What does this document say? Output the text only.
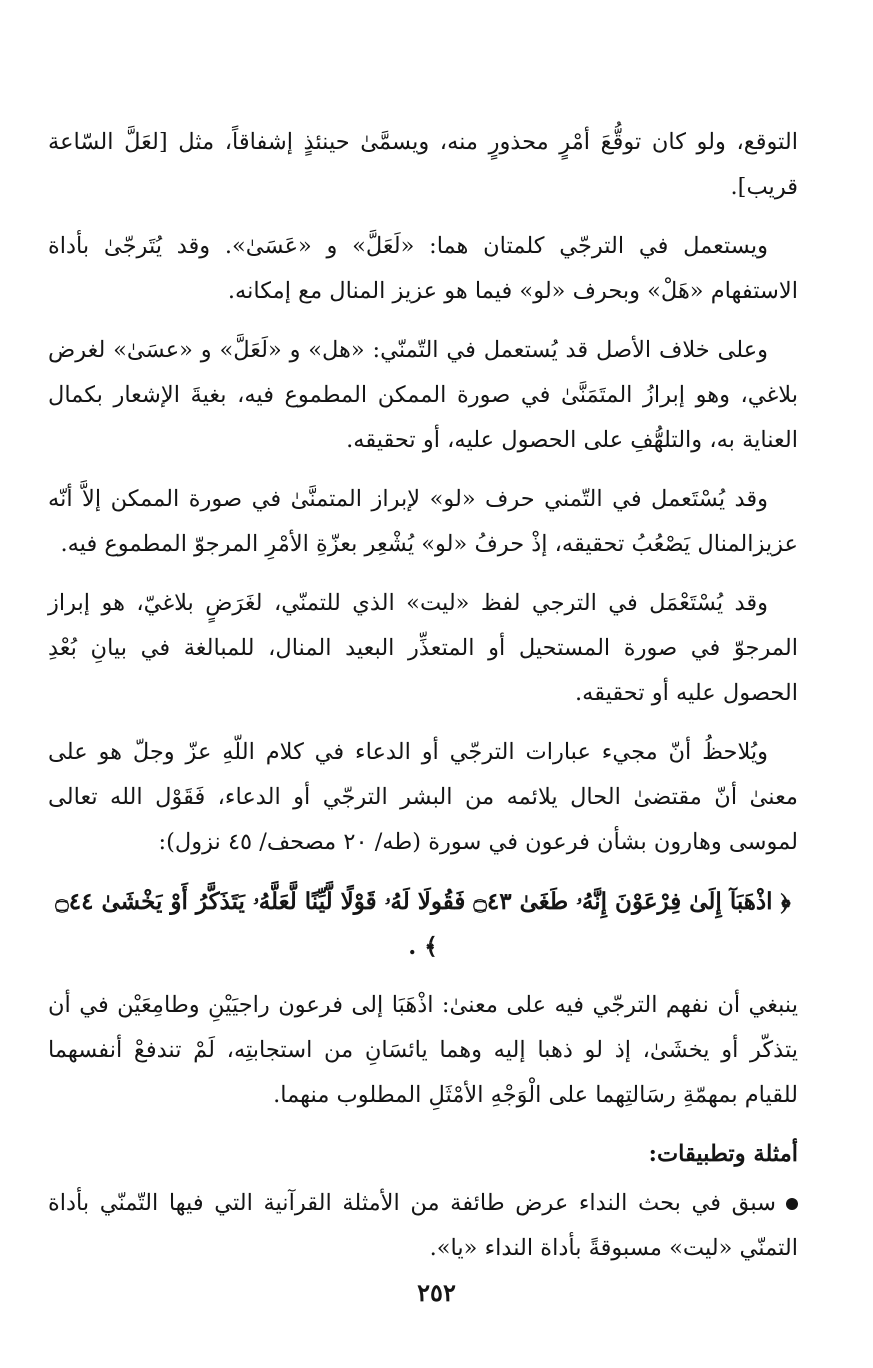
التوقع، ولو كان توقُّعَ أمْرٍ محذورٍ منه، ويسمَّىٰ حينئذٍ إشفاقاً، مثل [لعَلَّ السّاعة قريب].

ويستعمل في الترجّي كلمتان هما: «لَعَلَّ» و «عَسَىٰ». وقد يُتَرجّىٰ بأداة الاستفهام «هَلْ» وبحرف «لو» فيما هو عزيز المنال مع إمكانه.

وعلى خلاف الأصل قد يُستعمل في التّمنّي: «هل» و «لَعَلَّ» و «عسَىٰ» لغرض بلاغي، وهو إبرازُ المتَمَنَّىٰ في صورة الممكن المطموع فيه، بغيةَ الإشعار بكمال العناية به، والتلهُّفِ على الحصول عليه، أو تحقيقه.

وقد يُسْتَعمل في التّمني حرف «لو» لإبراز المتمنَّىٰ في صورة الممكن إلاَّ أنّه عزيزالمنال يَصْعُبُ تحقيقه، إذْ حرفُ «لو» يُشْعِر بعزّةِ الأمْرِ المرجوّ المطموع فيه.

وقد يُسْتَعْمَل في الترجي لفظ «ليت» الذي للتمنّي، لغَرَضٍ بلاغيّ، هو إبراز المرجوّ في صورة المستحيل أو المتعذِّر البعيد المنال، للمبالغة في بيانِ بُعْدِ الحصول عليه أو تحقيقه.

ويُلاحظُ أنّ مجيء عبارات الترجّي أو الدعاء في كلام اللّهِ عزّ وجلّ هو على معنىٰ أنّ مقتضىٰ الحال يلائمه من البشر الترجّي أو الدعاء، فَقَوْل الله تعالى لموسى وهارون بشأن فرعون في سورة (طه/ ٢٠ مصحف/ ٤٥ نزول):

﴿ اذْهَبَآ إِلَىٰ فِرْعَوْنَ إِنَّهُۥ طَغَىٰ ۝٤٣ فَقُولَا لَهُۥ قَوْلًا لَّيِّنًا لَّعَلَّهُۥ يَتَذَكَّرُ أَوْ يَخْشَىٰ ۝٤٤ ﴾ .

ينبغي أن نفهم الترجّي فيه على معنىٰ: اذْهَبَا إلى فرعون راجيَيْنِ وطامِعَيْن في أن يتذكّر أو يخشَىٰ، إذ لو ذهبا إليه وهما يائسَانِ من استجابتِه، لَمْ تندفعْ أنفسهما للقيام بمهمّةِ رسَالتِهما على الْوَجْهِ الأمْثَلِ المطلوب منهما.

أمثلة وتطبيقات:

سبق في بحث النداء عرض طائفة من الأمثلة القرآنية التي فيها التّمنّي بأداة التمنّي «ليت» مسبوقةً بأداة النداء «يا».

٢٥٢
